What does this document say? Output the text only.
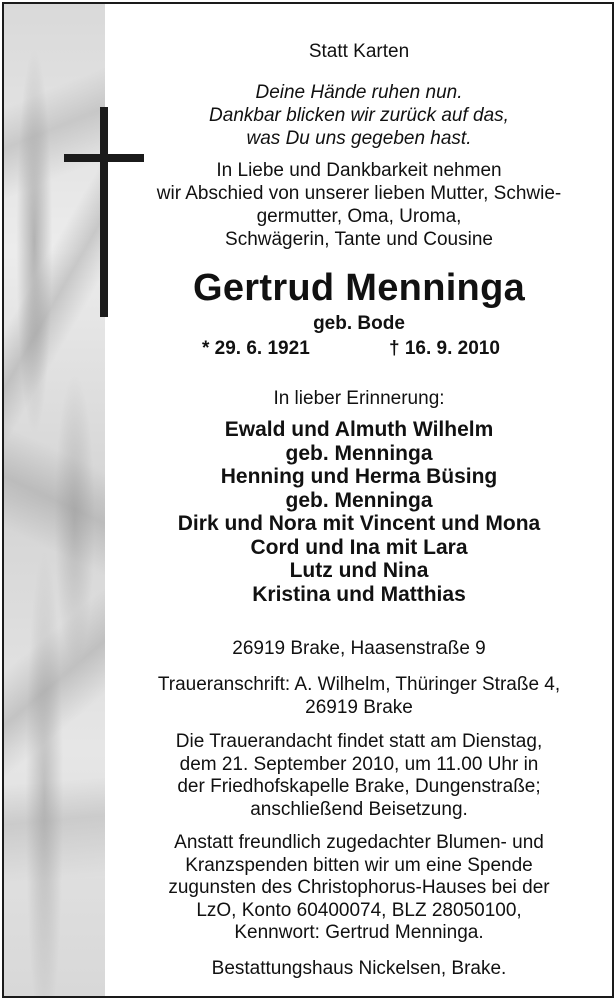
Statt Karten
Deine Hände ruhen nun.
Dankbar blicken wir zurück auf das,
was Du uns gegeben hast.
In Liebe und Dankbarkeit nehmen
wir Abschied von unserer lieben Mutter, Schwie-
germutter, Oma, Uroma,
Schwägerin, Tante und Cousine
Gertrud Menninga
geb. Bode
* 29. 6. 1921	† 16. 9. 2010
In lieber Erinnerung:
Ewald und Almuth Wilhelm
geb. Menninga
Henning und Herma Büsing
geb. Menninga
Dirk und Nora mit Vincent und Mona
Cord und Ina mit Lara
Lutz und Nina
Kristina und Matthias
26919 Brake, Haasenstraße 9
Traueranschrift: A. Wilhelm, Thüringer Straße 4,
26919 Brake
Die Trauerandacht findet statt am Dienstag,
dem 21. September 2010, um 11.00 Uhr in
der Friedhofskapelle Brake, Dungenstraße;
anschließend Beisetzung.
Anstatt freundlich zugedachter Blumen- und
Kranzspenden bitten wir um eine Spende
zugunsten des Christophorus-Hauses bei der
LzO, Konto 60400074, BLZ 28050100,
Kennwort: Gertrud Menninga.
Bestattungshaus Nickelsen, Brake.
